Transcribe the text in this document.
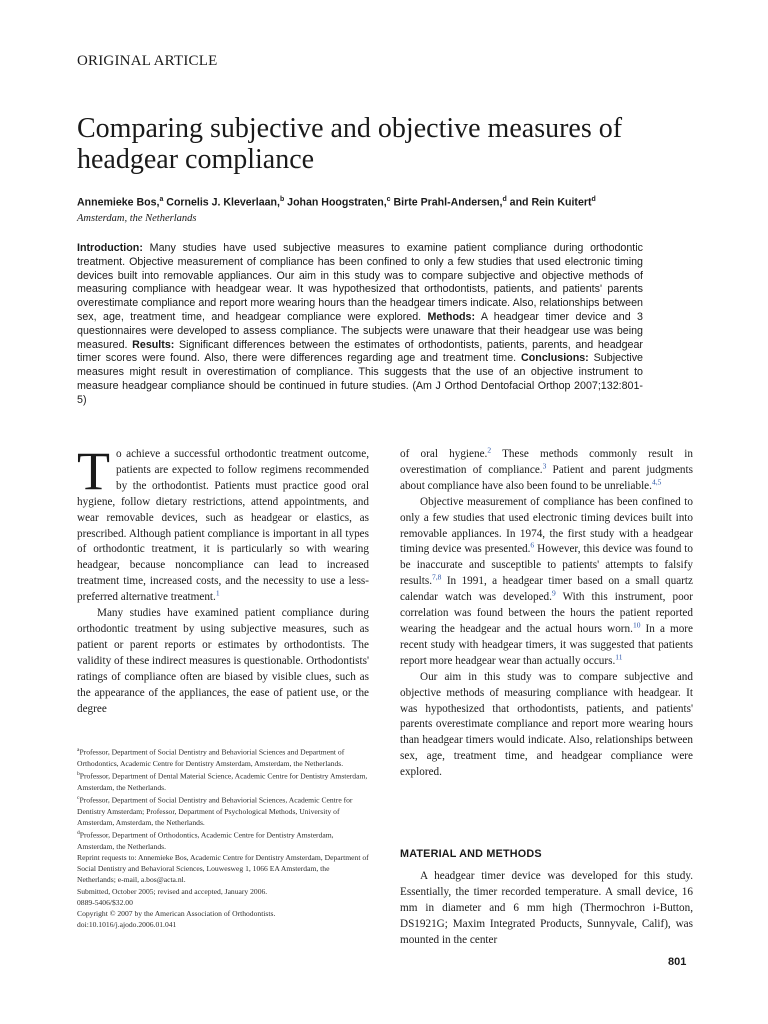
ORIGINAL ARTICLE
Comparing subjective and objective measures of headgear compliance
Annemieke Bos,$^a$ Cornelis J. Kleverlaan,$^b$ Johan Hoogstraten,$^c$ Birte Prahl-Andersen,$^d$ and Rein Kuitert$^d$
Amsterdam, the Netherlands

Introduction: Many studies have used subjective measures to examine patient compliance during orthodontic treatment. Objective measurement of compliance has been confined to only a few studies that used electronic timing devices built into removable appliances. Our aim in this study was to compare subjective and objective methods of measuring compliance with headgear wear. It was hypothesized that orthodontists, patients, and patients' parents overestimate compliance and report more wearing hours than the headgear timers indicate. Also, relationships between sex, age, treatment time, and headgear compliance were explored. Methods: A headgear timer device and 3 questionnaires were developed to assess compliance. The subjects were unaware that their headgear use was being measured. Results: Significant differences between the estimates of orthodontists, patients, parents, and headgear timer scores were found. Also, there were differences regarding age and treatment time. Conclusions: Subjective measures might result in overestimation of compliance. This suggests that the use of an objective instrument to measure headgear compliance should be continued in future studies. (Am J Orthod Dentofacial Orthop 2007;132:801-5)

To achieve a successful orthodontic treatment outcome, patients are expected to follow regimens recommended by the orthodontist. Patients must practice good oral hygiene, follow dietary restrictions, attend appointments, and wear removable devices, such as headgear or elastics, as prescribed. Although patient compliance is important in all types of orthodontic treatment, it is particularly so with wearing headgear, because noncompliance can lead to increased treatment time, increased costs, and the necessity to use a less-preferred alternative treatment.$^1$

Many studies have examined patient compliance during orthodontic treatment by using subjective measures, such as patient or parent reports or estimates by orthodontists. The validity of these indirect measures is questionable. Orthodontists' ratings of compliance often are biased by visible clues, such as the appearance of the appliances, the ease of patient use, or the degree

of oral hygiene.$^2$ These methods commonly result in overestimation of compliance.$^3$ Patient and parent judgments about compliance have also been found to be unreliable.$^{4,5}$

Objective measurement of compliance has been confined to only a few studies that used electronic timing devices built into removable appliances. In 1974, the first study with a headgear timing device was presented.$^6$ However, this device was found to be inaccurate and susceptible to patients' attempts to falsify results.$^{7,8}$ In 1991, a headgear timer based on a small quartz calendar watch was developed.$^9$ With this instrument, poor correlation was found between the hours the patient reported wearing the headgear and the actual hours worn.$^{10}$ In a more recent study with headgear timers, it was suggested that patients report more headgear wear than actually occurs.$^{11}$

Our aim in this study was to compare subjective and objective methods of measuring compliance with headgear. It was hypothesized that orthodontists, patients, and patients' parents overestimate compliance and report more wearing hours than headgear timers would indicate. Also, relationships between sex, age, treatment time, and headgear compliance were explored.

MATERIAL AND METHODS

A headgear timer device was developed for this study. Essentially, the timer recorded temperature. A small device, 16 mm in diameter and 6 mm high (Thermochron i-Button, DS1921G; Maxim Integrated Products, Sunnyvale, Calif), was mounted in the center

$^a$Professor, Department of Social Dentistry and Behaviorial Sciences and Department of Orthodontics, Academic Centre for Dentistry Amsterdam, Amsterdam, the Netherlands.
$^b$Professor, Department of Dental Material Science, Academic Centre for Dentistry Amsterdam, Amsterdam, the Netherlands.
$^c$Professor, Department of Social Dentistry and Behaviorial Sciences, Academic Centre for Dentistry Amsterdam; Professor, Department of Psychological Methods, University of Amsterdam, Amsterdam, the Netherlands.
$^d$Professor, Department of Orthodontics, Academic Centre for Dentistry Amsterdam, Amsterdam, the Netherlands.
Reprint requests to: Annemieke Bos, Academic Centre for Dentistry Amsterdam, Department of Social Dentistry and Behavioral Sciences, Louwesweg 1, 1066 EA Amsterdam, the Netherlands; e-mail, a.bos@acta.nl.
Submitted, October 2005; revised and accepted, January 2006.
0889-5406/$32.00
Copyright © 2007 by the American Association of Orthodontists.
doi:10.1016/j.ajodo.2006.01.041
801
